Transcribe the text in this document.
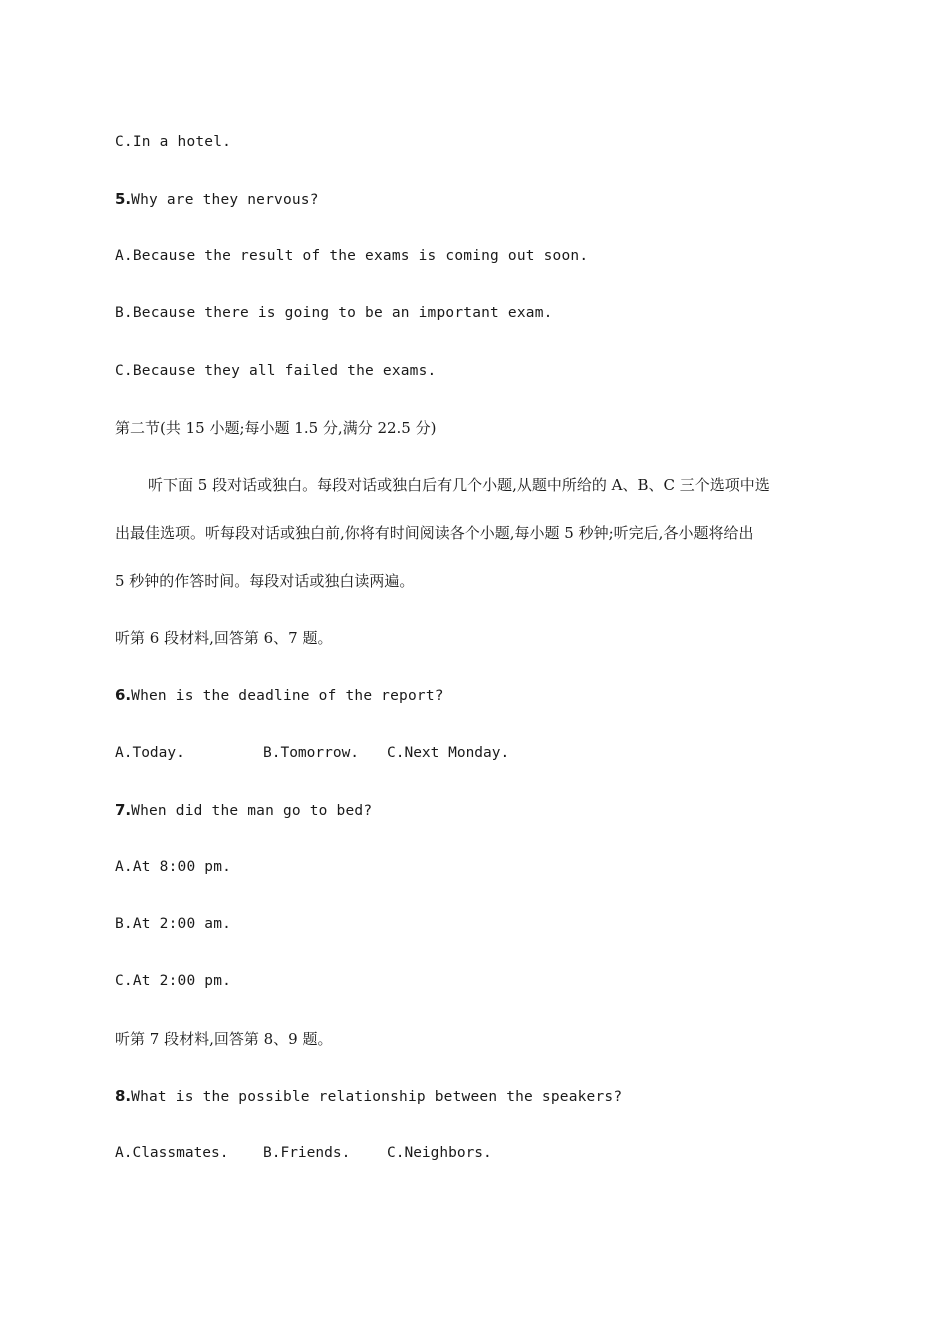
C.In a hotel.
5.Why are they nervous?
A.Because the result of the exams is coming out soon.
B.Because there is going to be an important exam.
C.Because they all failed the exams.
第二节(共 15 小题;每小题 1.5 分,满分 22.5 分)
听下面 5 段对话或独白。每段对话或独白后有几个小题,从题中所给的 A、B、C 三个选项中选
出最佳选项。听每段对话或独白前,你将有时间阅读各个小题,每小题 5 秒钟;听完后,各小题将给出
5 秒钟的作答时间。每段对话或独白读两遍。
听第 6 段材料,回答第 6、7 题。
6.When is the deadline of the report?
A.Today.	B.Tomorrow. C.Next Monday.
7.When did the man go to bed?
A.At 8:00 pm.
B.At 2:00 am.
C.At 2:00 pm.
听第 7 段材料,回答第 8、9 题。
8.What is the possible relationship between the speakers?
A.Classmates. B.Friends.	C.Neighbors.
